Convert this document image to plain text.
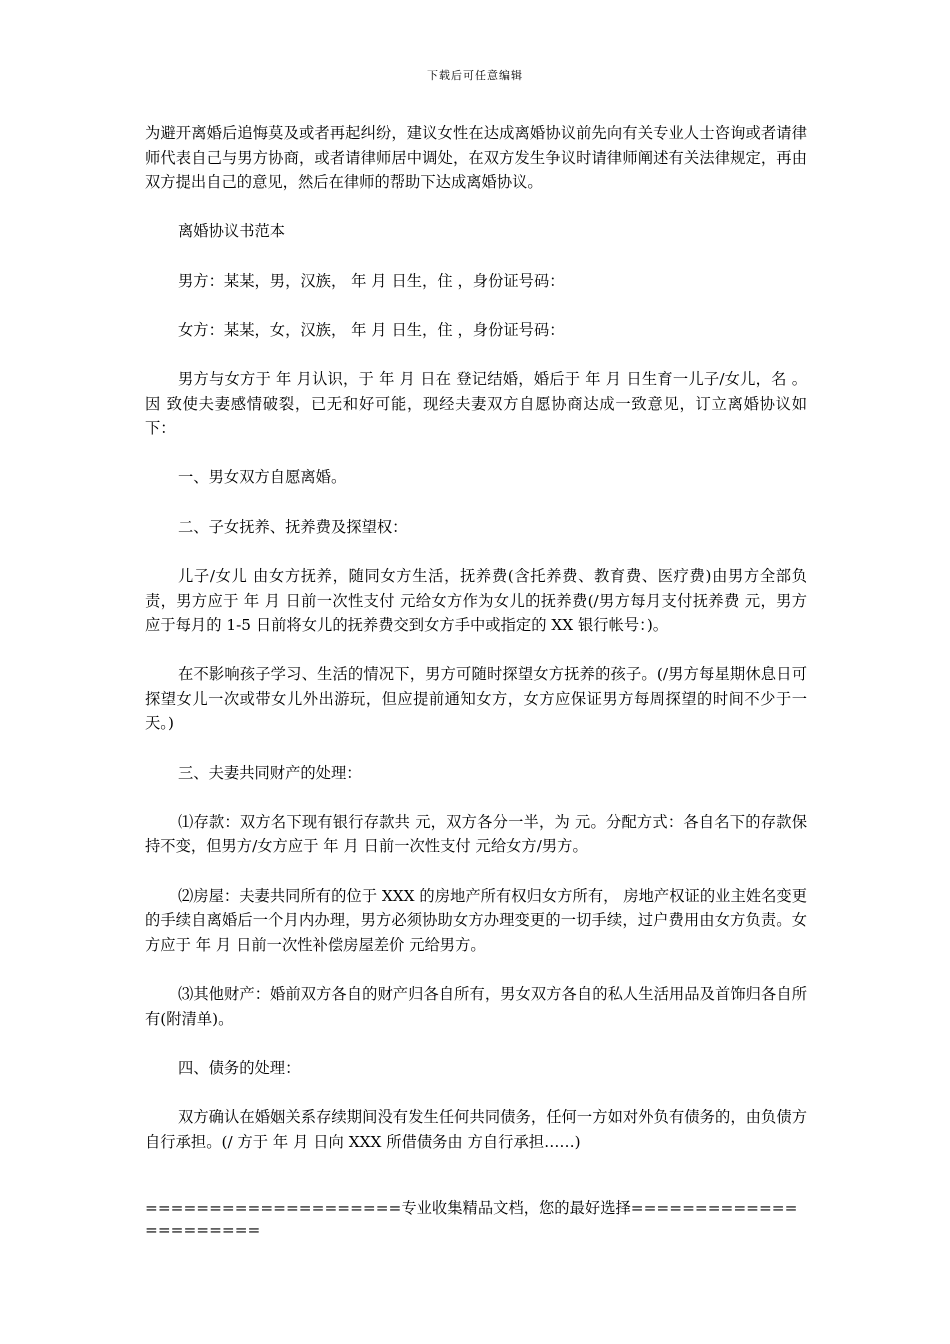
下载后可任意编辑

为避开离婚后追悔莫及或者再起纠纷，建议女性在达成离婚协议前先向有关专业人士咨询或者请律师代表自己与男方协商，或者请律师居中调处，在双方发生争议时请律师阐述有关法律规定，再由双方提出自己的意见，然后在律师的帮助下达成离婚协议。

离婚协议书范本

男方：某某，男，汉族， 年 月 日生，住 ，身份证号码：

女方：某某，女，汉族， 年 月 日生，住 ，身份证号码：

男方与女方于 年 月认识，于 年 月 日在 登记结婚，婚后于 年 月 日生育一儿子/女儿，名 。因 致使夫妻感情破裂，已无和好可能，现经夫妻双方自愿协商达成一致意见，订立离婚协议如下：

一、男女双方自愿离婚。

二、子女抚养、抚养费及探望权：

儿子/女儿 由女方抚养，随同女方生活，抚养费(含托养费、教育费、医疗费)由男方全部负责，男方应于 年 月 日前一次性支付 元给女方作为女儿的抚养费(/男方每月支付抚养费 元，男方应于每月的 1-5 日前将女儿的抚养费交到女方手中或指定的 XX 银行帐号：)。

在不影响孩子学习、生活的情况下，男方可随时探望女方抚养的孩子。(/男方每星期休息日可探望女儿一次或带女儿外出游玩，但应提前通知女方，女方应保证男方每周探望的时间不少于一天。)

三、夫妻共同财产的处理：

⑴存款：双方名下现有银行存款共 元，双方各分一半，为 元。分配方式：各自名下的存款保持不变，但男方/女方应于 年 月 日前一次性支付 元给女方/男方。

⑵房屋：夫妻共同所有的位于 XXX 的房地产所有权归女方所有， 房地产权证的业主姓名变更的手续自离婚后一个月内办理，男方必须协助女方办理变更的一切手续，过户费用由女方负责。女方应于 年 月 日前一次性补偿房屋差价 元给男方。

⑶其他财产：婚前双方各自的财产归各自所有，男女双方各自的私人生活用品及首饰归各自所有(附清单)。

四、债务的处理：

双方确认在婚姻关系存续期间没有发生任何共同债务，任何一方如对外负有债务的，由负债方自行承担。(/ 方于 年 月 日向 XXX 所借债务由 方自行承担……)

====================专业收集精品文档，您的最好选择======================
